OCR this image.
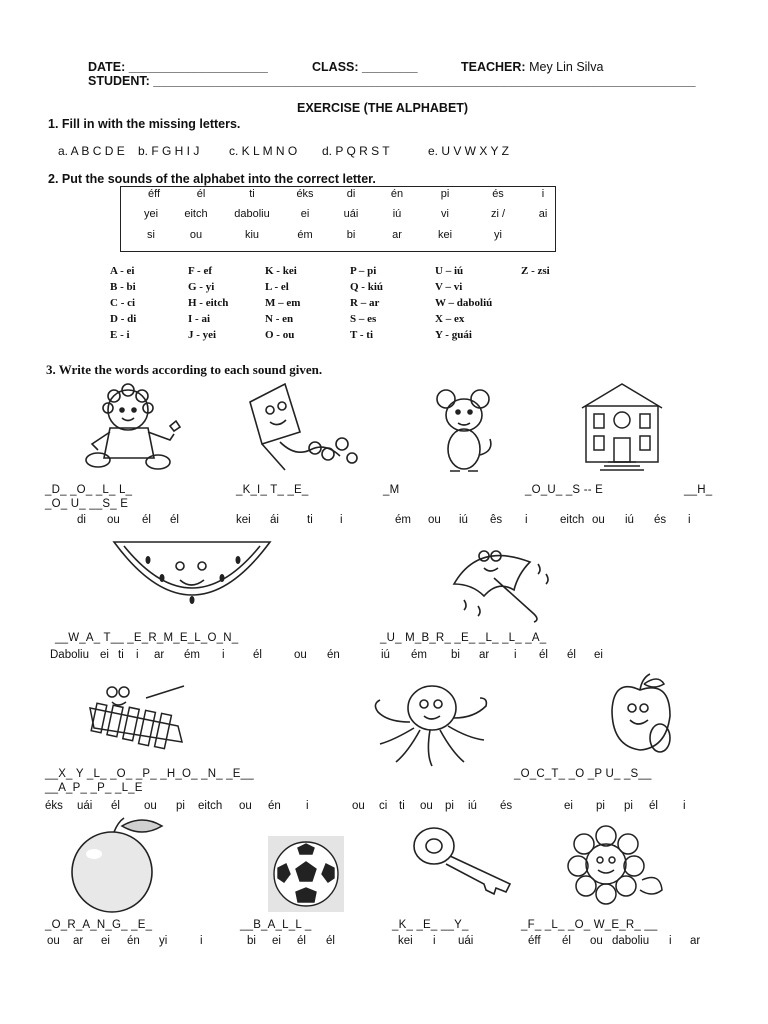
DATE: ____________________	CLASS: ________	TEACHER: Mey Lin Silva
STUDENT: ______________________________________________________________________________
EXERCISE (THE ALPHABET)
1. Fill in with the missing letters.
a. A B C D E b. F G H I J c. K L M N O d. P Q R S T	e. U V W X Y Z
2. Put the sounds of the alphabet into the correct letter.
éff	él	ti	éks	di	én	pi	és	i
yei eitch daboliu	ei	uái	iú	vi	zi /	ai
si	ou	kiu	ém	bi	ar	kei	yi
A - ei
B - bi
C - ci
D - di
E - i
F - ef
G - yi
H - eitch
I - ai
J - yei
K - kei
L - el
M – em
N - en
O - ou
P – pi
Q - kiú
R – ar
S – es
T - ti
U – iú
V – vi
W – daboliú
X – ex
Y - guái
Z - zsi
3. Write the words according to each sound given.
_D_ _O_ _L_ L_	_K_I_ T_ _E_	_M	_O_U_ _S -- E	__H_
_O_ U_ __S_ E
di ou él él	kei ái ti i	ém ou iú ês i	eitch ou iú és i
__W_A_ T__ _E_R_M_E_L_O_N_	_U_ M_B_R_ _E_ _L_ _L_ _A_
Daboliu ei ti i ar ém i él	ou én	iú ém bi ar i él él ei
__X_ Y _L_ _O_ _P_ _H_O_ _N_ _E__	_O_C_T_ _O _P U_ _S__
__A_P_ _P_ _L_E
éks uái él ou pi eitch ou én i	ou ci ti ou pi iú és	ei pi pi él i
_O_R_A_N_G_ _E_	__B_A_L_L _	_K_ _E_ __Y_	_F_ _L_ _O_ W_E_R_ __
ou ar ei én yi	i	bi ei él él	kei i uái	éff él ou daboliu i ar
